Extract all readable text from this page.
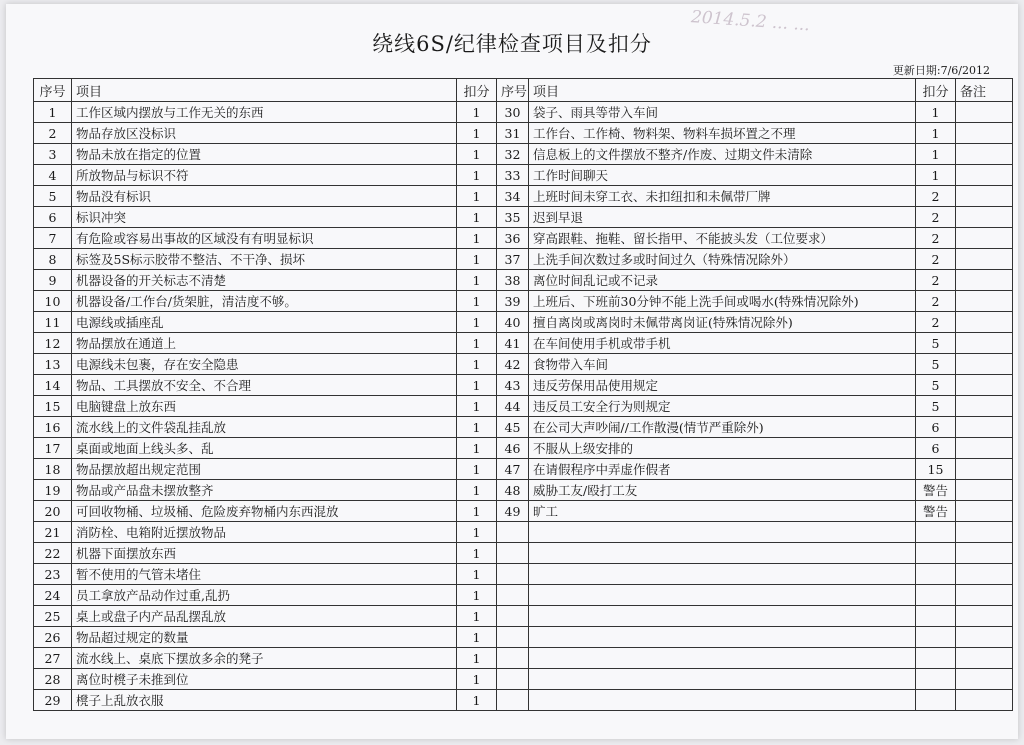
绕线6S/纪律检查项目及扣分
2014.5.2 ... ...
更新日期:7/6/2012
序号	项目	扣分	序号	项目	扣分	备注
1	工作区域内摆放与工作无关的东西	1	30	袋子、雨具等带入车间	1	
2	物品存放区没标识	1	31	工作台、工作椅、物料架、物料车损坏置之不理	1	
3	物品未放在指定的位置	1	32	信息板上的文件摆放不整齐/作废、过期文件未清除	1	
4	所放物品与标识不符	1	33	工作时间聊天	1	
5	物品没有标识	1	34	上班时间未穿工衣、未扣纽扣和未佩带厂牌	2	
6	标识冲突	1	35	迟到早退	2	
7	有危险或容易出事故的区域没有有明显标识	1	36	穿高跟鞋、拖鞋、留长指甲、不能披头发（工位要求）	2	
8	标签及5S标示胶带不整洁、不干净、损坏	1	37	上洗手间次数过多或时间过久（特殊情况除外）	2	
9	机器设备的开关标志不清楚	1	38	离位时间乱记或不记录	2	
10	机器设备/工作台/货架脏，清洁度不够。	1	39	上班后、下班前30分钟不能上洗手间或喝水(特殊情况除外)	2	
11	电源线或插座乱	1	40	擅自离岗或离岗时未佩带离岗证(特殊情况除外)	2	
12	物品摆放在通道上	1	41	在车间使用手机或带手机	5	
13	电源线未包裹，存在安全隐患	1	42	食物带入车间	5	
14	物品、工具摆放不安全、不合理	1	43	违反劳保用品使用规定	5	
15	电脑键盘上放东西	1	44	违反员工安全行为则规定	5	
16	流水线上的文件袋乱挂乱放	1	45	在公司大声吵闹//工作散漫(情节严重除外)	6	
17	桌面或地面上线头多、乱	1	46	不服从上级安排的	6	
18	物品摆放超出规定范围	1	47	在请假程序中弄虚作假者	15	
19	物品或产品盘未摆放整齐	1	48	威胁工友/殴打工友	警告	
20	可回收物桶、垃圾桶、危险废弃物桶内东西混放	1	49	旷工	警告	
21	消防栓、电箱附近摆放物品	1				
22	机器下面摆放东西	1				
23	暂不使用的气管未堵住	1				
24	员工拿放产品动作过重,乱扔	1				
25	桌上或盘子内产品乱摆乱放	1				
26	物品超过规定的数量	1				
27	流水线上、桌底下摆放多余的凳子	1				
28	离位时櫈子未推到位	1				
29	櫈子上乱放衣服	1				
